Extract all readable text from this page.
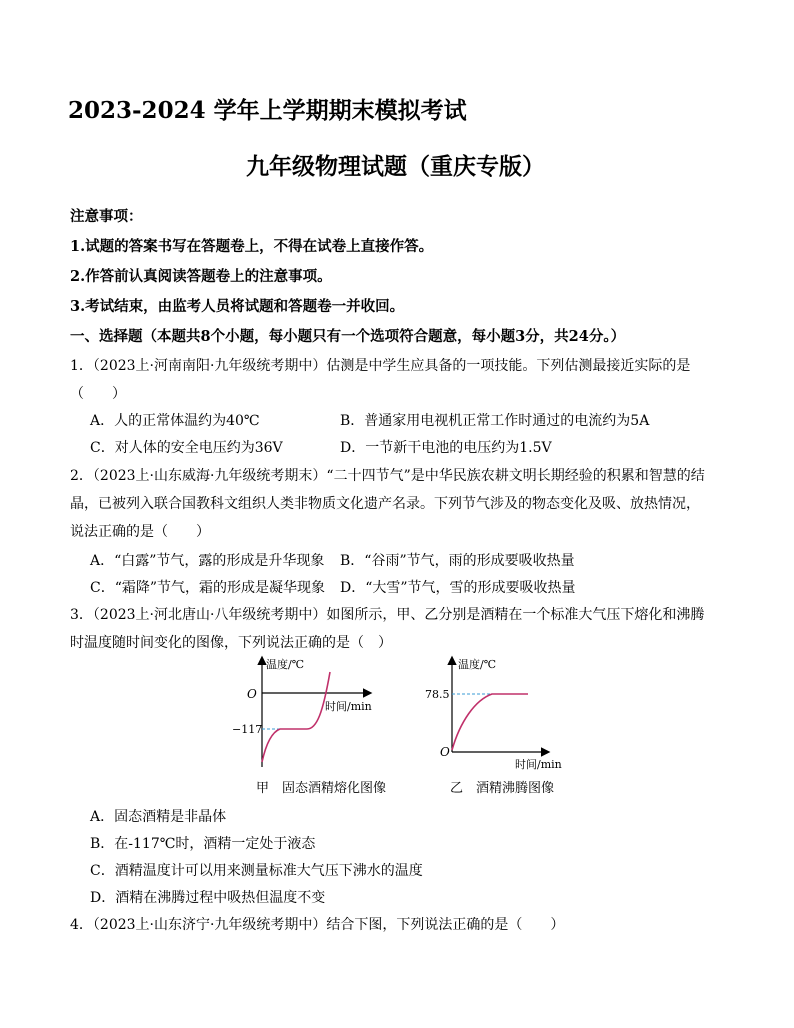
2023-2024 学年上学期期末模拟考试
九年级物理试题（重庆专版）
注意事项：
1.试题的答案书写在答题卷上，不得在试卷上直接作答。
2.作答前认真阅读答题卷上的注意事项。
3.考试结束，由监考人员将试题和答题卷一并收回。
一、选择题（本题共8个小题，每小题只有一个选项符合题意，每小题3分，共24分。）
1．（2023上·河南南阳·九年级统考期中）估测是中学生应具备的一项技能。下列估测最接近实际的是
（　　）
A．人的正常体温约为40℃	B．普通家用电视机正常工作时通过的电流约为5A
C．对人体的安全电压约为36V	D．一节新干电池的电压约为1.5V
2．（2023上·山东威海·九年级统考期末）“二十四节气”是中华民族农耕文明长期经验的积累和智慧的结
晶，已被列入联合国教科文组织人类非物质文化遗产名录。下列节气涉及的物态变化及吸、放热情况，
说法正确的是（　　）
A．“白露”节气，露的形成是升华现象 B．“谷雨”节气，雨的形成要吸收热量
C．“霜降”节气，霜的形成是凝华现象 D．“大雪”节气，雪的形成要吸收热量
3．（2023上·河北唐山·八年级统考期中）如图所示，甲、乙分别是酒精在一个标准大气压下熔化和沸腾
时温度随时间变化的图像，下列说法正确的是（　）
温度/℃
时间/min
O
−117
甲　固态酒精熔化图像
温度/℃
时间/min
O
78.5
乙　酒精沸腾图像
A．固态酒精是非晶体
B．在-117℃时，酒精一定处于液态
C．酒精温度计可以用来测量标准大气压下沸水的温度
D．酒精在沸腾过程中吸热但温度不变
4．（2023上·山东济宁·九年级统考期中）结合下图，下列说法正确的是（　　）
